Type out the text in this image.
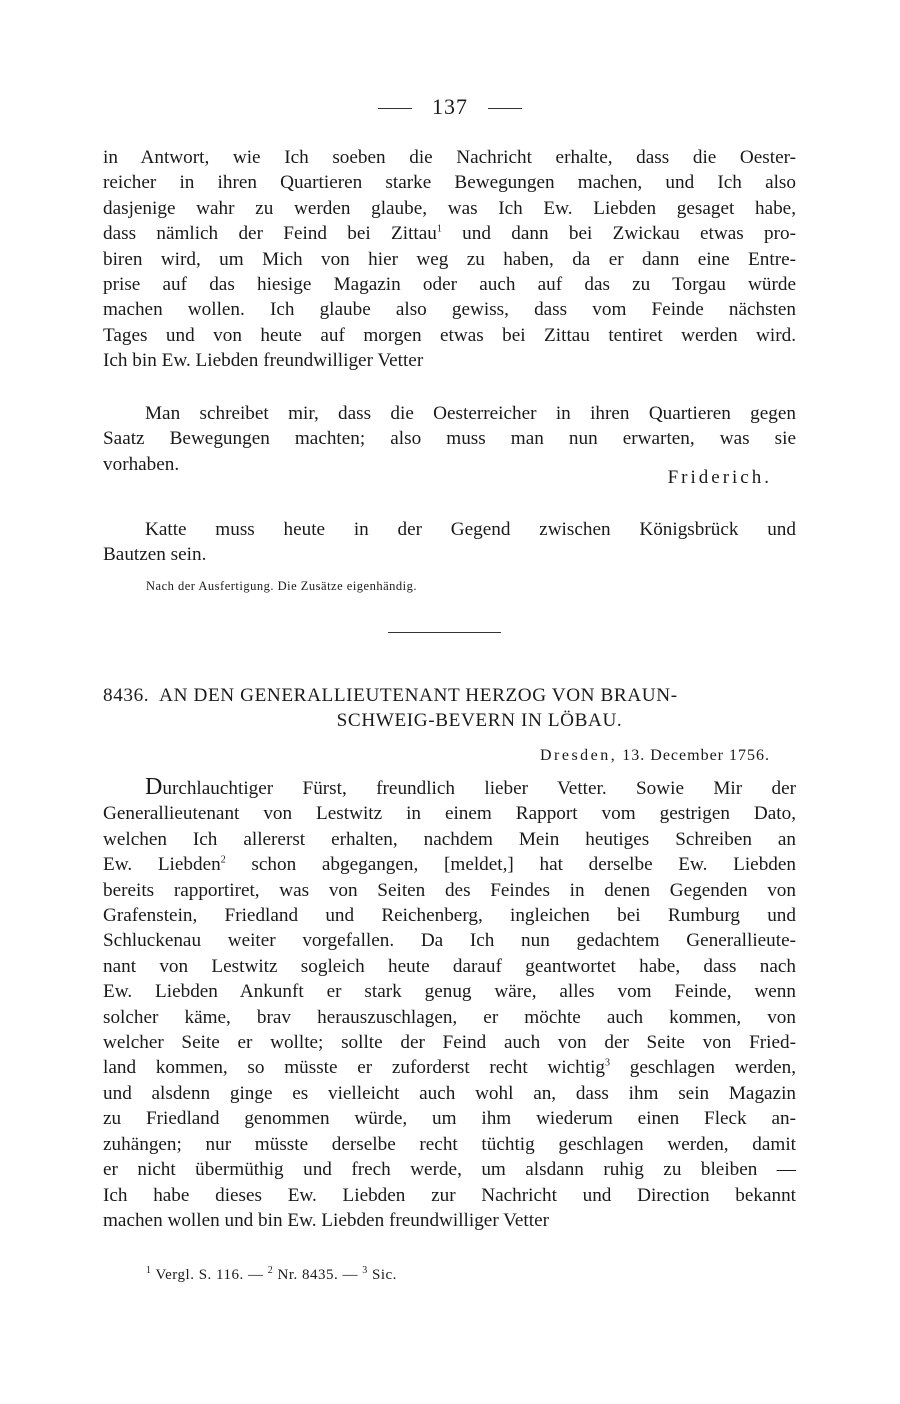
137
in Antwort, wie Ich soeben die Nachricht erhalte, dass die Oester-
reicher in ihren Quartieren starke Bewegungen machen, und Ich also
dasjenige wahr zu werden glaube, was Ich Ew. Liebden gesaget habe,
dass nämlich der Feind bei Zittau$^1$ und dann bei Zwickau etwas pro-
biren wird, um Mich von hier weg zu haben, da er dann eine Entre-
prise auf das hiesige Magazin oder auch auf das zu Torgau würde
machen wollen. Ich glaube also gewiss, dass vom Feinde nächsten
Tages und von heute auf morgen etwas bei Zittau tentiret werden wird.
Ich bin Ew. Liebden freundwilliger Vetter
Man schreibet mir, dass die Oesterreicher in ihren Quartieren gegen
Saatz Bewegungen machten; also muss man nun erwarten, was sie
vorhaben.
Friderich.
Katte muss heute in der Gegend zwischen Königsbrück und
Bautzen sein.
Nach der Ausfertigung. Die Zusätze eigenhändig.
8436. AN DEN GENERALLIEUTENANT HERZOG VON BRAUN-
SCHWEIG-BEVERN IN LÖBAU.
Dresden, 13. December 1756.
Durchlauchtiger Fürst, freundlich lieber Vetter. Sowie Mir der
Generallieutenant von Lestwitz in einem Rapport vom gestrigen Dato,
welchen Ich allererst erhalten, nachdem Mein heutiges Schreiben an
Ew. Liebden$^2$ schon abgegangen, [meldet,] hat derselbe Ew. Liebden
bereits rapportiret, was von Seiten des Feindes in denen Gegenden von
Grafenstein, Friedland und Reichenberg, ingleichen bei Rumburg und
Schluckenau weiter vorgefallen. Da Ich nun gedachtem Generallieute-
nant von Lestwitz sogleich heute darauf geantwortet habe, dass nach
Ew. Liebden Ankunft er stark genug wäre, alles vom Feinde, wenn
solcher käme, brav herauszuschlagen, er möchte auch kommen, von
welcher Seite er wollte; sollte der Feind auch von der Seite von Fried-
land kommen, so müsste er zuforderst recht wichtig$^3$ geschlagen werden,
und alsdenn ginge es vielleicht auch wohl an, dass ihm sein Magazin
zu Friedland genommen würde, um ihm wiederum einen Fleck an-
zuhängen; nur müsste derselbe recht tüchtig geschlagen werden, damit
er nicht übermüthig und frech werde, um alsdann ruhig zu bleiben —
Ich habe dieses Ew. Liebden zur Nachricht und Direction bekannt
machen wollen und bin Ew. Liebden freundwilliger Vetter
$^1$ Vergl. S. 116. — $^2$ Nr. 8435. — $^3$ Sic.
